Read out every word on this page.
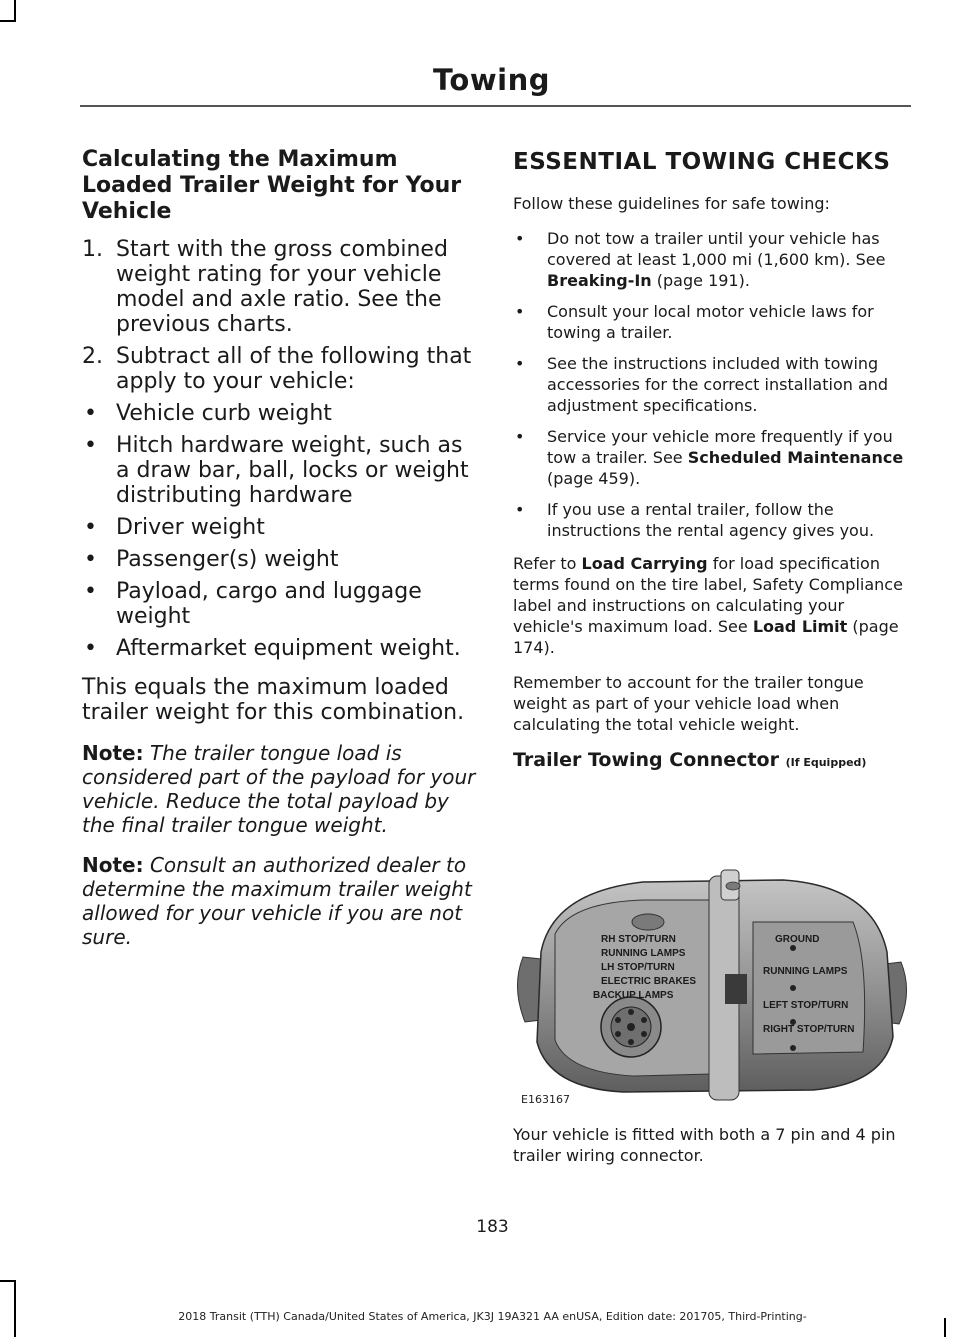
Towing
Calculating the Maximum Loaded Trailer Weight for Your Vehicle
1. Start with the gross combined weight rating for your vehicle model and axle ratio. See the previous charts.
2. Subtract all of the following that apply to your vehicle:
• Vehicle curb weight
• Hitch hardware weight, such as a draw bar, ball, locks or weight distributing hardware
• Driver weight
• Passenger(s) weight
• Payload, cargo and luggage weight
• Aftermarket equipment weight.

This equals the maximum loaded trailer weight for this combination.

Note: The trailer tongue load is considered part of the payload for your vehicle. Reduce the total payload by the final trailer tongue weight.

Note: Consult an authorized dealer to determine the maximum trailer weight allowed for your vehicle if you are not sure.

ESSENTIAL TOWING CHECKS

Follow these guidelines for safe towing:

• Do not tow a trailer until your vehicle has covered at least 1,000 mi (1,600 km). See Breaking-In (page 191).
• Consult your local motor vehicle laws for towing a trailer.
• See the instructions included with towing accessories for the correct installation and adjustment specifications.
• Service your vehicle more frequently if you tow a trailer. See Scheduled Maintenance (page 459).
• If you use a rental trailer, follow the instructions the rental agency gives you.

Refer to Load Carrying for load specification terms found on the tire label, Safety Compliance label and instructions on calculating your vehicle's maximum load. See Load Limit (page 174).

Remember to account for the trailer tongue weight as part of your vehicle load when calculating the total vehicle weight.

Trailer Towing Connector (If Equipped)
RH STOP/TURN
RUNNING LAMPS
LH STOP/TURN
ELECTRIC BRAKES
BACKUP LAMPS
GROUND
RUNNING LAMPS
LEFT STOP/TURN
RIGHT STOP/TURN
E163167

Your vehicle is fitted with both a 7 pin and 4 pin trailer wiring connector.

183
2018 Transit (TTH) Canada/United States of America, JK3J 19A321 AA enUSA, Edition date: 201705, Third-Printing-
